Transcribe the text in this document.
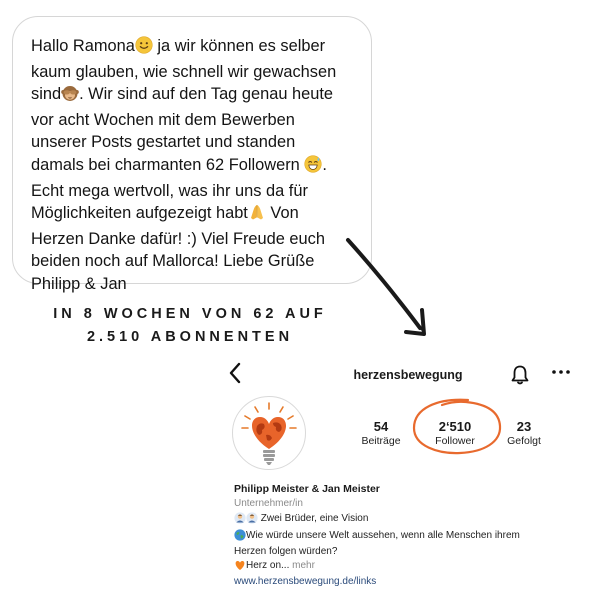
Hallo Ramona ja wir können es selber
kaum glauben, wie schnell wir gewachsen
sind . Wir sind auf den Tag genau heute
vor acht Wochen mit dem Bewerben
unserer Posts gestartet und standen
damals bei charmanten 62 Followern .
Echt mega wertvoll, was ihr uns da für
Möglichkeiten aufgezeigt habt Von
Herzen Danke dafür! :) Viel Freude euch
beiden noch auf Mallorca! Liebe Grüße
Philipp & Jan

IN 8 WOCHEN VON 62 AUF
2.510 ABONNENTEN
herzensbewegung
54
Beiträge
2‘510
Follower
23
Gefolgt
Philipp Meister & Jan Meister
Unternehmer/in
Zwei Brüder, eine Vision
Wie würde unsere Welt aussehen, wenn alle Menschen ihrem
Herzen folgen würden?
Herz on... mehr
www.herzensbewegung.de/links
